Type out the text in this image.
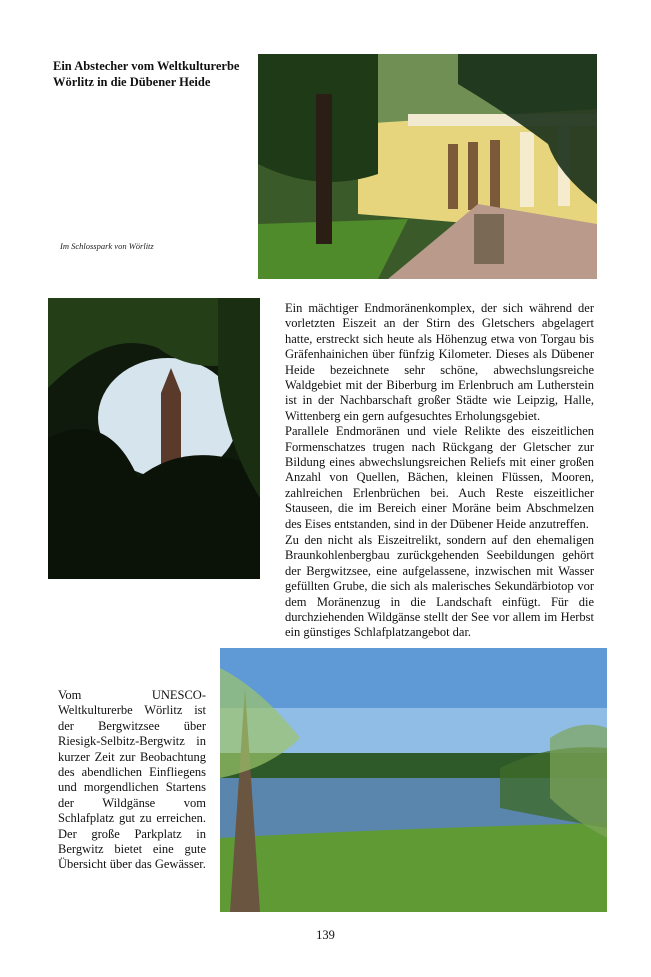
Ein Abstecher vom Weltkulturerbe Wörlitz in die Dübener Heide
Im Schlosspark von Wörlitz

Ein mächtiger Endmoränenkomplex, der sich während der vorletzten Eiszeit an der Stirn des Gletschers abgelagert hatte, erstreckt sich heute als Höhenzug etwa von Torgau bis Gräfenhainichen über fünfzig Kilometer. Dieses als Dübener Heide bezeichnete sehr schöne, abwechslungsreiche Waldgebiet mit der Biberburg im Erlenbruch am Lutherstein ist in der Nachbarschaft großer Städte wie Leipzig, Halle, Wittenberg ein gern aufgesuchtes Erholungsgebiet.

Parallele Endmoränen und viele Relikte des eiszeitlichen Formenschatzes trugen nach Rückgang der Gletscher zur Bildung eines abwechslungsreichen Reliefs mit einer großen Anzahl von Quellen, Bächen, kleinen Flüssen, Mooren, zahlreichen Erlenbrüchen bei. Auch Reste eiszeitlicher Stauseen, die im Bereich einer Moräne beim Abschmelzen des Eises entstanden, sind in der Dübener Heide anzutreffen.

Zu den nicht als Eiszeitrelikt, sondern auf den ehemaligen Braunkohlenbergbau zurückgehenden Seebildungen gehört der Bergwitzsee, eine aufgelassene, inzwischen mit Wasser gefüllten Grube, die sich als malerisches Sekundärbiotop vor dem Moränenzug in die Landschaft einfügt. Für die durchziehenden Wildgänse stellt der See vor allem im Herbst ein günstiges Schlafplatzangebot dar.

Vom UNESCO-Weltkulturerbe Wörlitz ist der Bergwitzsee über Riesigk-Selbitz-Bergwitz in kurzer Zeit zur Beobachtung des abendlichen Einfliegens und morgendlichen Startens der Wildgänse vom Schlafplatz gut zu erreichen. Der große Parkplatz in Bergwitz bietet eine gute Übersicht über das Gewässer.
139
